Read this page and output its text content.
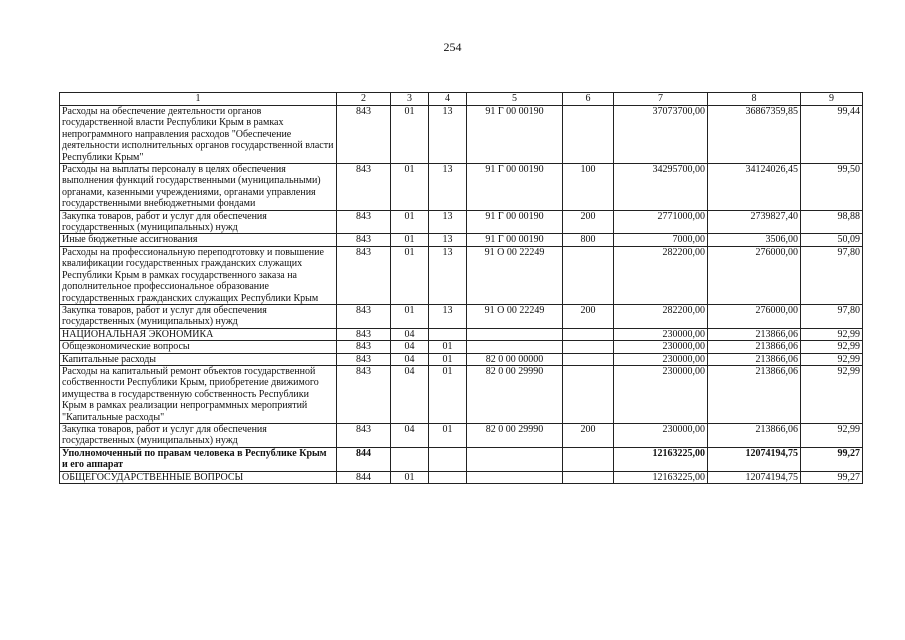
254
1	2	3	4	5	6	7	8	9
Расходы на обеспечение деятельности органов государственной власти Республики Крым в рамках непрограммного направления расходов "Обеспечение деятельности исполнительных органов государственной власти Республики Крым"	843	01	13	91 Г 00 00190		37073700,00	36867359,85	99,44
Расходы на выплаты персоналу в целях обеспечения выполнения функций государственными (муниципальными) органами, казенными учреждениями, органами управления государственными внебюджетными фондами	843	01	13	91 Г 00 00190	100	34295700,00	34124026,45	99,50
Закупка товаров, работ и услуг для обеспечения государственных (муниципальных) нужд	843	01	13	91 Г 00 00190	200	2771000,00	2739827,40	98,88
Иные бюджетные ассигнования	843	01	13	91 Г 00 00190	800	7000,00	3506,00	50,09
Расходы на профессиональную переподготовку и повышение квалификации государственных гражданских служащих Республики Крым в рамках государственного заказа на дополнительное профессиональное образование государственных гражданских служащих Республики Крым	843	01	13	91 О 00 22249		282200,00	276000,00	97,80
Закупка товаров, работ и услуг для обеспечения государственных (муниципальных) нужд	843	01	13	91 О 00 22249	200	282200,00	276000,00	97,80
НАЦИОНАЛЬНАЯ ЭКОНОМИКА	843	04				230000,00	213866,06	92,99
Общеэкономические вопросы	843	04	01			230000,00	213866,06	92,99
Капитальные расходы	843	04	01	82 0 00 00000		230000,00	213866,06	92,99
Расходы на капитальный ремонт объектов государственной собственности Республики Крым, приобретение движимого имущества в государственную собственность Республики Крым в рамках реализации непрограммных мероприятий "Капитальные расходы"	843	04	01	82 0 00 29990		230000,00	213866,06	92,99
Закупка товаров, работ и услуг для обеспечения государственных (муниципальных) нужд	843	04	01	82 0 00 29990	200	230000,00	213866,06	92,99
Уполномоченный по правам человека в Республике Крым и его аппарат	844					12163225,00	12074194,75	99,27
ОБЩЕГОСУДАРСТВЕННЫЕ ВОПРОСЫ	844	01				12163225,00	12074194,75	99,27
